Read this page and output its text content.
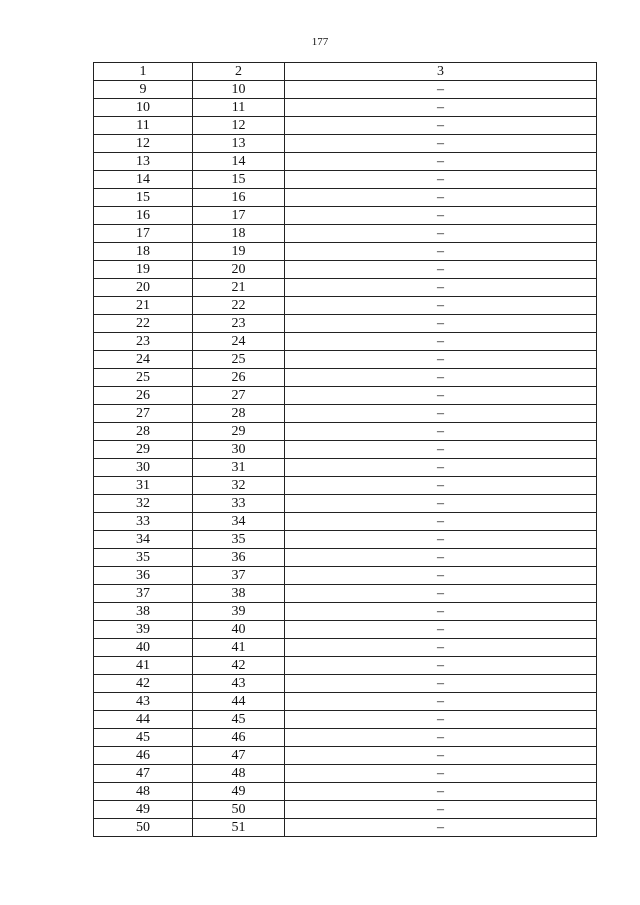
177
1	2	3
9	10	–
10	11	–
11	12	–
12	13	–
13	14	–
14	15	–
15	16	–
16	17	–
17	18	–
18	19	–
19	20	–
20	21	–
21	22	–
22	23	–
23	24	–
24	25	–
25	26	–
26	27	–
27	28	–
28	29	–
29	30	–
30	31	–
31	32	–
32	33	–
33	34	–
34	35	–
35	36	–
36	37	–
37	38	–
38	39	–
39	40	–
40	41	–
41	42	–
42	43	–
43	44	–
44	45	–
45	46	–
46	47	–
47	48	–
48	49	–
49	50	–
50	51	–
